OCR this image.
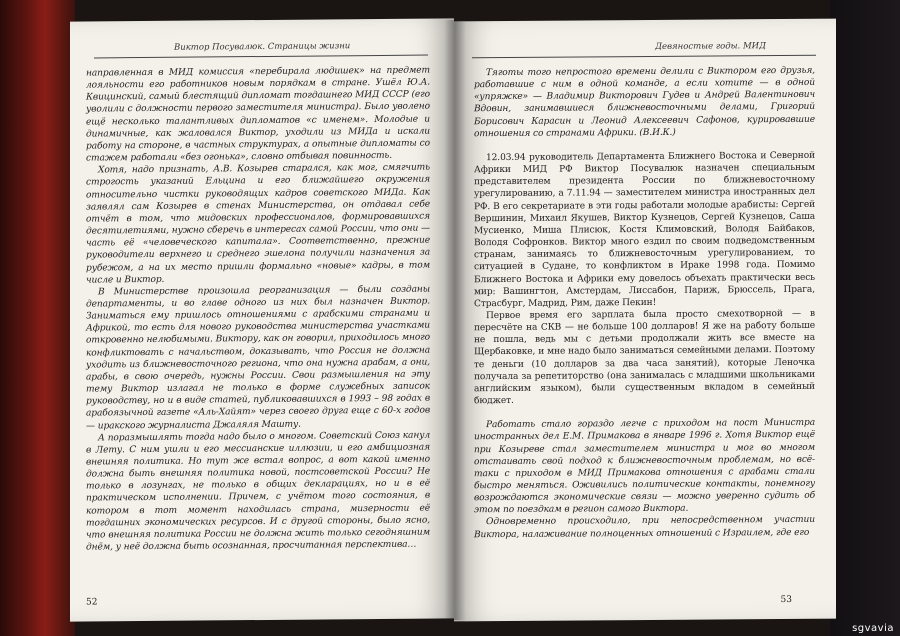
Виктор Посувалюк. Страницы жизни

направленная в МИД комиссия «перебирала людишек» на предмет лояльности его работников новым порядкам в стране. Ушёл Ю.А. Квицинский, самый блестящий дипломат тогдашнего МИД СССР (его уволили с должности первого заместителя министра). Было уволено ещё несколько талантливых дипломатов «с именем». Молодые и динамичные, как жаловался Виктор, уходили из МИДа и искали работу на стороне, в частных структурах, а опытные дипломаты со стажем работали «без огонька», словно отбывая повинность.

Хотя, надо признать, А.В. Козырев старался, как мог, смягчить строгость указаний Ельцина и его ближайшего окружения относительно чистки руководящих кадров советского МИДа. Как заявлял сам Козырев в стенах Министерства, он отдавал себе отчёт в том, что мидовских профессионалов, формировавшихся десятилетиями, нужно сберечь в интересах самой России, что они — часть её «человеческого капитала». Соответственно, прежние руководители верхнего и среднего эшелона получили назначения за рубежом, а на их место пришли формально «новые» кадры, в том числе и Виктор.

В Министерстве произошла реорганизация — были созданы департаменты, и во главе одного из них был назначен Виктор. Заниматься ему пришлось отношениями с арабскими странами и Африкой, то есть для нового руководства министерства участками откровенно нелюбимыми. Виктору, как он говорил, приходилось много конфликтовать с начальством, доказывать, что Россия не должна уходить из ближневосточного региона, что она нужна арабам, а они, арабы, в свою очередь, нужны России. Свои размышления на эту тему Виктор излагал не только в форме служебных записок руководству, но и в виде статей, публиковавшихся в 1993 – 98 годах в арабоязычной газете «Аль-Хайят» через своего друга еще с 60-х годов — иракского журналиста Джаляля Машту.

А поразмышлять тогда надо было о многом. Советский Союз канул в Лету. С ним ушли и его мессианские иллюзии, и его амбициозная внешняя политика. Но тут же встал вопрос, а вот какой именно должна быть внешняя политика новой, постсоветской России? Не только в лозунгах, не только в общих декларациях, но и в её практическом исполнении. Причем, с учётом того состояния, в котором в тот момент находилась страна, мизерности её тогдашних экономических ресурсов. И с другой стороны, было ясно, что внешняя политика России не должна жить только сегодняшним днём, у неё должна быть осознанная, просчитанная перспектива…

52
Девяностые годы. МИД

Тяготы того непростого времени делили с Виктором его друзья, работавшие с ним в одной команде, а если хотите — в одной «упряжке» — Владимир Викторович Гудев и Андрей Валентинович Вдовин, занимавшиеся ближневосточными делами, Григорий Борисович Карасин и Леонид Алексеевич Сафонов, курировавшие отношения со странами Африки. (В.И.К.)

12.03.94 руководитель Департамента Ближнего Востока и Северной Африки МИД РФ Виктор Посувалюк назначен специальным представителем президента России по ближневосточному урегулированию, а 7.11.94 — заместителем министра иностранных дел РФ. В его секретариате в эти годы работали молодые арабисты: Сергей Вершинин, Михаил Якушев, Виктор Кузнецов, Сергей Кузнецов, Саша Мусиенко, Миша Плисюк, Костя Климовский, Володя Байбаков, Володя Софронков. Виктор много ездил по своим подведомственным странам, занимаясь то ближневосточным урегулированием, то ситуацией в Судане, то конфликтом в Ираке 1998 года. Помимо Ближнего Востока и Африки ему довелось объехать практически весь мир: Вашингтон, Амстердам, Лиссабон, Париж, Брюссель, Прага, Страсбург, Мадрид, Рим, даже Пекин!

Первое время его зарплата была просто смехотворной — в пересчёте на СКВ — не больше 100 долларов! Я же на работу больше не пошла, ведь мы с детьми продолжали жить все вместе на Щербаковке, и мне надо было заниматься семейными делами. Поэтому те деньги (10 долларов за два часа занятий), которые Леночка получала за репетиторство (она занималась с младшими школьниками английским языком), были существенным вкладом в семейный бюджет.

Работать стало гораздо легче с приходом на пост Министра иностранных дел Е.М. Примакова в январе 1996 г. Хотя Виктор ещё при Козыреве стал заместителем министра и мог во многом отстаивать свой подход к ближневосточным проблемам, но всё-таки с приходом в МИД Примакова отношения с арабами стали быстро меняться. Оживились политические контакты, понемногу возрождаются экономические связи — можно уверенно судить об этом по поездкам в регион самого Виктора.

Одновременно происходило, при непосредственном участии Виктора, налаживание полноценных отношений с Израилем, где его

53
sgvavia
